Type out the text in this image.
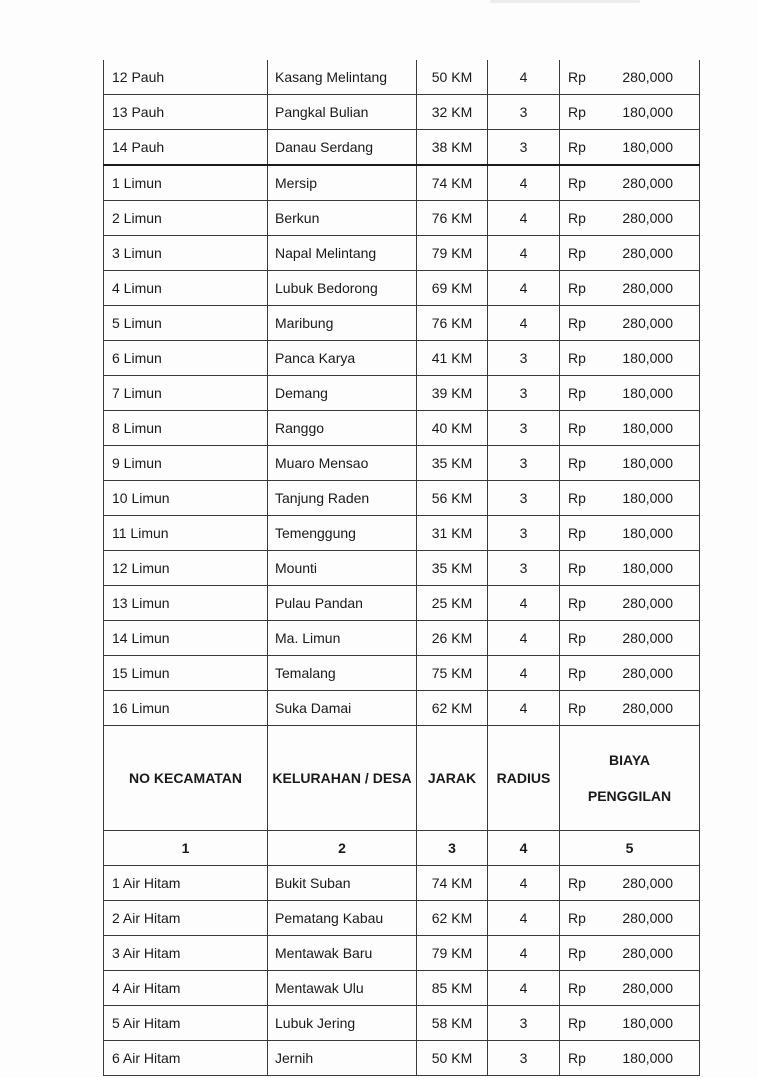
12 Pauh	Kasang Melintang	50 KM	4	Rp 280,000

13 Pauh	Pangkal Bulian	32 KM	3	Rp 180,000

14 Pauh	Danau Serdang	38 KM	3	Rp 180,000

1 Limun	Mersip	74 KM	4	Rp 280,000

2 Limun	Berkun	76 KM	4	Rp 280,000

3 Limun	Napal Melintang	79 KM	4	Rp 280,000

4 Limun	Lubuk Bedorong	69 KM	4	Rp 280,000

5 Limun	Maribung	76 KM	4	Rp 280,000

6 Limun	Panca Karya	41 KM	3	Rp 180,000

7 Limun	Demang	39 KM	3	Rp 180,000

8 Limun	Ranggo	40 KM	3	Rp 180,000

9 Limun	Muaro Mensao	35 KM	3	Rp 180,000

10 Limun	Tanjung Raden	56 KM	3	Rp 180,000

11 Limun	Temenggung	31 KM	3	Rp 180,000

12 Limun	Mounti	35 KM	3	Rp 180,000

13 Limun	Pulau Pandan	25 KM	4	Rp 280,000

14 Limun	Ma. Limun	26 KM	4	Rp 280,000

15 Limun	Temalang	75 KM	4	Rp 280,000

16 Limun	Suka Damai	62 KM	4	Rp 280,000

NO KECAMATAN	KELURAHAN / DESA	JARAK	RADIUS	BIAYA
PENGGILAN

1	2	3	4	5
1 Air Hitam	Bukit Suban	74 KM	4	Rp 280,000

2 Air Hitam	Pematang Kabau	62 KM	4	Rp 280,000

3 Air Hitam	Mentawak Baru	79 KM	4	Rp 280,000

4 Air Hitam	Mentawak Ulu	85 KM	4	Rp 280,000

5 Air Hitam	Lubuk Jering	58 KM	3	Rp 180,000

6 Air Hitam	Jernih	50 KM	3	Rp 180,000
